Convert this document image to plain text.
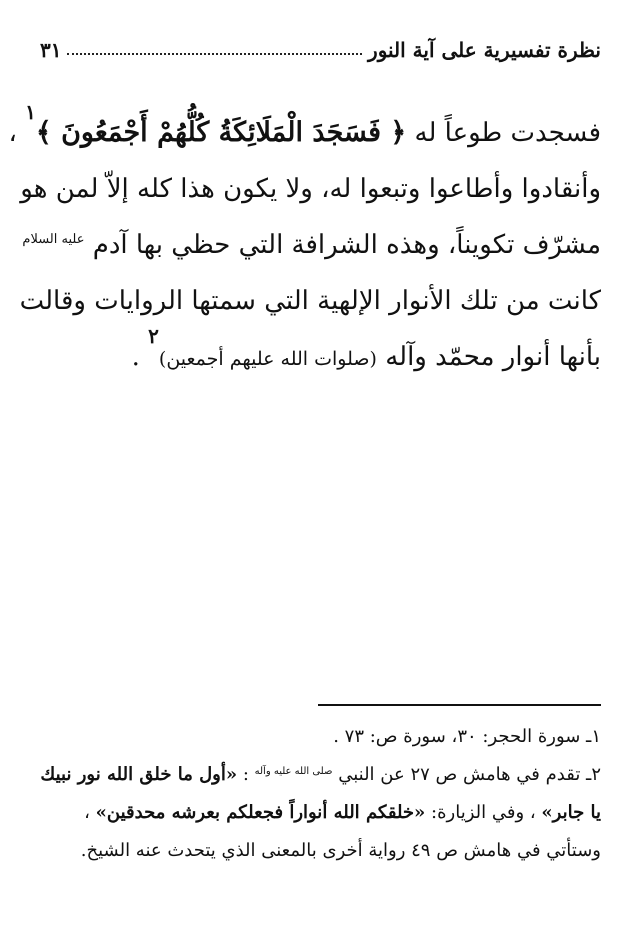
نظرة تفسيرية على آية النور
٣١
فسجدت طوعاً له ﴿ فَسَجَدَ الْمَلَائِكَةُ كُلُّهُمْ أَجْمَعُونَ ﴾$^١$ ،
وأنقادوا وأطاعوا وتبعوا له، ولا يكون هذا كله إلاّ لمن هو
مشرّف تكويناً، وهذه الشرافة التي حظي بها آدم $^{عليه السلام}$
كانت من تلك الأنوار الإلهية التي سمتها الروايات وقالت
بأنها أنوار محمّد وآله (صلوات الله عليهم أجمعين)$^٢$ .
١ـ سورة الحجر: ٣٠، سورة ص: ٧٣ .
٢ـ تقدم في هامش ص ٢٧ عن النبي $^{صلى الله عليه وآله}$ : «أول ما خلق الله نور نبيك
يا جابر» ، وفي الزيارة: «خلقكم الله أنواراً فجعلكم بعرشه محدقين» ،
وستأتي في هامش ص ٤٩ رواية أخرى بالمعنى الذي يتحدث عنه الشيخ.
